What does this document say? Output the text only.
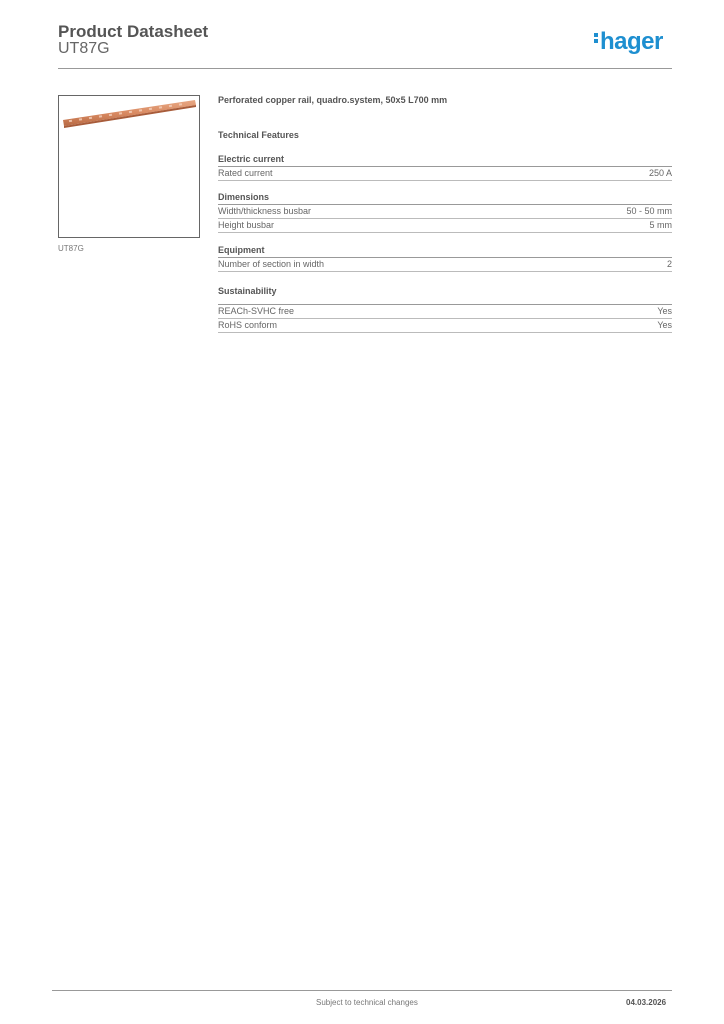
Product Datasheet
UT87G	hager
UT87G
Perforated copper rail, quadro.system, 50x5 L700 mm
Technical Features
Electric current
Rated current	250 A
Dimensions
Width/thickness busbar	50 - 50 mm
Height busbar	5 mm
Equipment
Number of section in width	2
Sustainability
REACh-SVHC free	Yes
RoHS conform	Yes
Subject to technical changes	04.03.2026
